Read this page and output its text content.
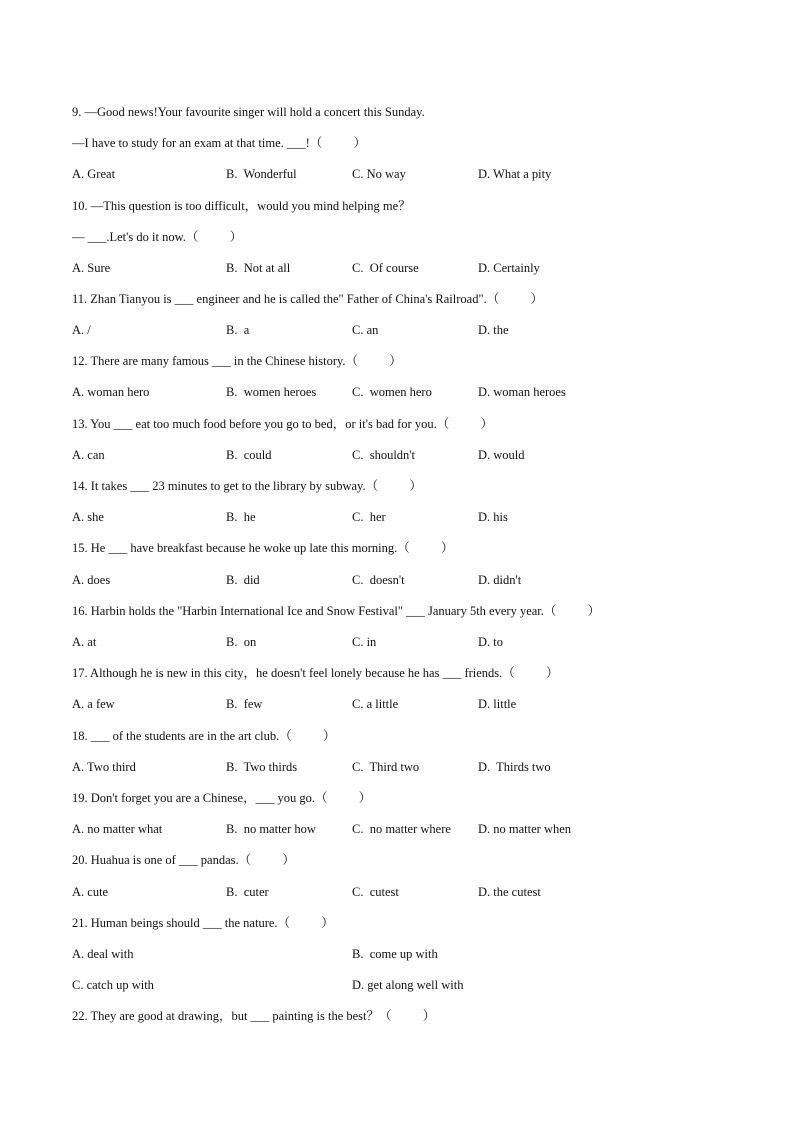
9. —Good news!Your favourite singer will hold a concert this Sunday.
—I have to study for an exam at that time. ___!（          ）
A. Great	B.  Wonderful	C. No way	D. What a pity
10. —This question is too difficult，would you mind helping me？
— ___.Let's do it now.（          ）
A. Sure	B.  Not at all	C.  Of course	D. Certainly
11. Zhan Tianyou is ___ engineer and he is called the" Father of China's Railroad".（          ）
A. /	B.  a	C. an	D. the
12. There are many famous ___ in the Chinese history.（          ）
A. woman hero	B.  women heroes	C.  women hero	D. woman heroes
13. You ___ eat too much food before you go to bed，or it's bad for you.（          ）
A. can	B.  could	C.  shouldn't	D. would
14. It takes ___ 23 minutes to get to the library by subway.（          ）
A. she	B.  he	C.  her	D. his
15. He ___ have breakfast because he woke up late this morning.（          ）
A. does	B.  did	C.  doesn't	D. didn't
16. Harbin holds the "Harbin International Ice and Snow Festival" ___ January 5th every year.（          ）
A. at	B.  on	C. in	D. to
17. Although he is new in this city，he doesn't feel lonely because he has ___ friends.（          ）
A. a few	B.  few	C. a little	D. little
18. ___ of the students are in the art club.（          ）
A. Two third	B.  Two thirds	C.  Third two	D.  Thirds two
19. Don't forget you are a Chinese，___ you go.（          ）
A. no matter what	B.  no matter how	C.  no matter where D. no matter when
20. Huahua is one of ___ pandas.（          ）
A. cute	B.  cuter	C.  cutest	D. the cutest
21. Human beings should ___ the nature.（          ）
A. deal with	B.  come up with
C. catch up with	D. get along well with
22. They are good at drawing，but ___ painting is the best？（          ）
